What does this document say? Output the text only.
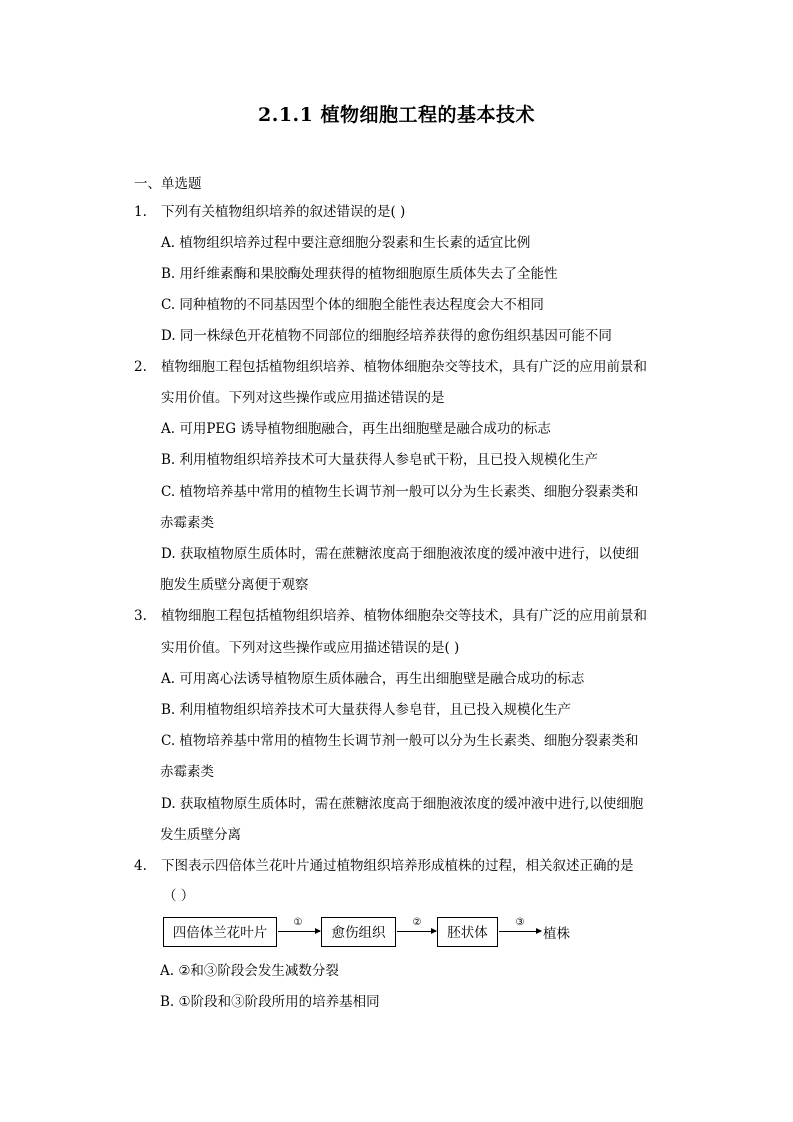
2.1.1 植物细胞工程的基本技术
一、单选题
1. 下列有关植物组织培养的叙述错误的是( )
A. 植物组织培养过程中要注意细胞分裂素和生长素的适宜比例
B. 用纤维素酶和果胶酶处理获得的植物细胞原生质体失去了全能性
C. 同种植物的不同基因型个体的细胞全能性表达程度会大不相同
D. 同一株绿色开花植物不同部位的细胞经培养获得的愈伤组织基因可能不同
2. 植物细胞工程包括植物组织培养、植物体细胞杂交等技术，具有广泛的应用前景和
实用价值。下列对这些操作或应用描述错误的是
A. 可用PEG 诱导植物细胞融合，再生出细胞壁是融合成功的标志
B. 利用植物组织培养技术可大量获得人参皂甙干粉，且已投入规模化生产
C. 植物培养基中常用的植物生长调节剂一般可以分为生长素类、细胞分裂素类和
赤霉素类
D. 获取植物原生质体时，需在蔗糖浓度高于细胞液浓度的缓冲液中进行，以使细
胞发生质壁分离便于观察
3. 植物细胞工程包括植物组织培养、植物体细胞杂交等技术，具有广泛的应用前景和
实用价值。下列对这些操作或应用描述错误的是( )
A. 可用离心法诱导植物原生质体融合，再生出细胞壁是融合成功的标志
B. 利用植物组织培养技术可大量获得人参皂苷，且已投入规模化生产
C. 植物培养基中常用的植物生长调节剂一般可以分为生长素类、细胞分裂素类和
赤霉素类
D. 获取植物原生质体时，需在蔗糖浓度高于细胞液浓度的缓冲液中进行,以使细胞
发生质壁分离
4. 下图表示四倍体兰花叶片通过植物组织培养形成植株的过程，相关叙述正确的是
（ ）
四倍体兰花叶片
①
愈伤组织
②
胚状体
③
植株
A. ②和③阶段会发生减数分裂
B. ①阶段和③阶段所用的培养基相同
